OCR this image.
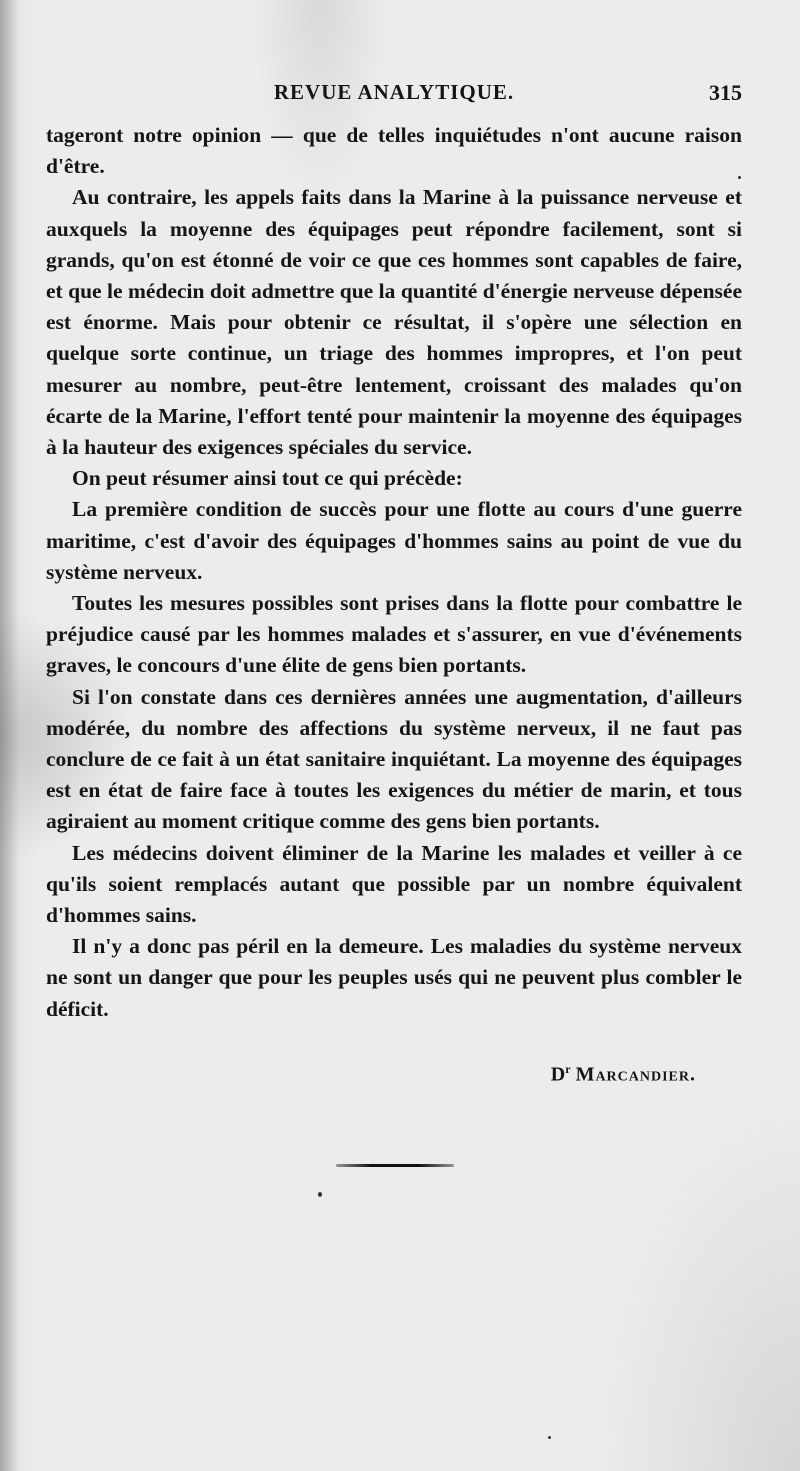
REVUE ANALYTIQUE.	315

tageront notre opinion — que de telles inquiétudes n'ont aucune raison d'être.

Au contraire, les appels faits dans la Marine à la puissance nerveuse et auxquels la moyenne des équipages peut répondre facilement, sont si grands, qu'on est étonné de voir ce que ces hommes sont capables de faire, et que le médecin doit admettre que la quantité d'énergie nerveuse dépensée est énorme. Mais pour obtenir ce résultat, il s'opère une sélection en quelque sorte continue, un triage des hommes impropres, et l'on peut mesurer au nombre, peut-être lentement, croissant des malades qu'on écarte de la Marine, l'effort tenté pour maintenir la moyenne des équipages à la hauteur des exigences spéciales du service.

On peut résumer ainsi tout ce qui précède:

La première condition de succès pour une flotte au cours d'une guerre maritime, c'est d'avoir des équipages d'hommes sains au point de vue du système nerveux.

Toutes les mesures possibles sont prises dans la flotte pour combattre le préjudice causé par les hommes malades et s'assurer, en vue d'événements graves, le concours d'une élite de gens bien portants.

Si l'on constate dans ces dernières années une augmentation, d'ailleurs modérée, du nombre des affections du système nerveux, il ne faut pas conclure de ce fait à un état sanitaire inquiétant. La moyenne des équipages est en état de faire face à toutes les exigences du métier de marin, et tous agiraient au moment critique comme des gens bien portants.

Les médecins doivent éliminer de la Marine les malades et veiller à ce qu'ils soient remplacés autant que possible par un nombre équivalent d'hommes sains.

Il n'y a donc pas péril en la demeure. Les maladies du système nerveux ne sont un danger que pour les peuples usés qui ne peuvent plus combler le déficit.

$D^r$ Marcandier.
